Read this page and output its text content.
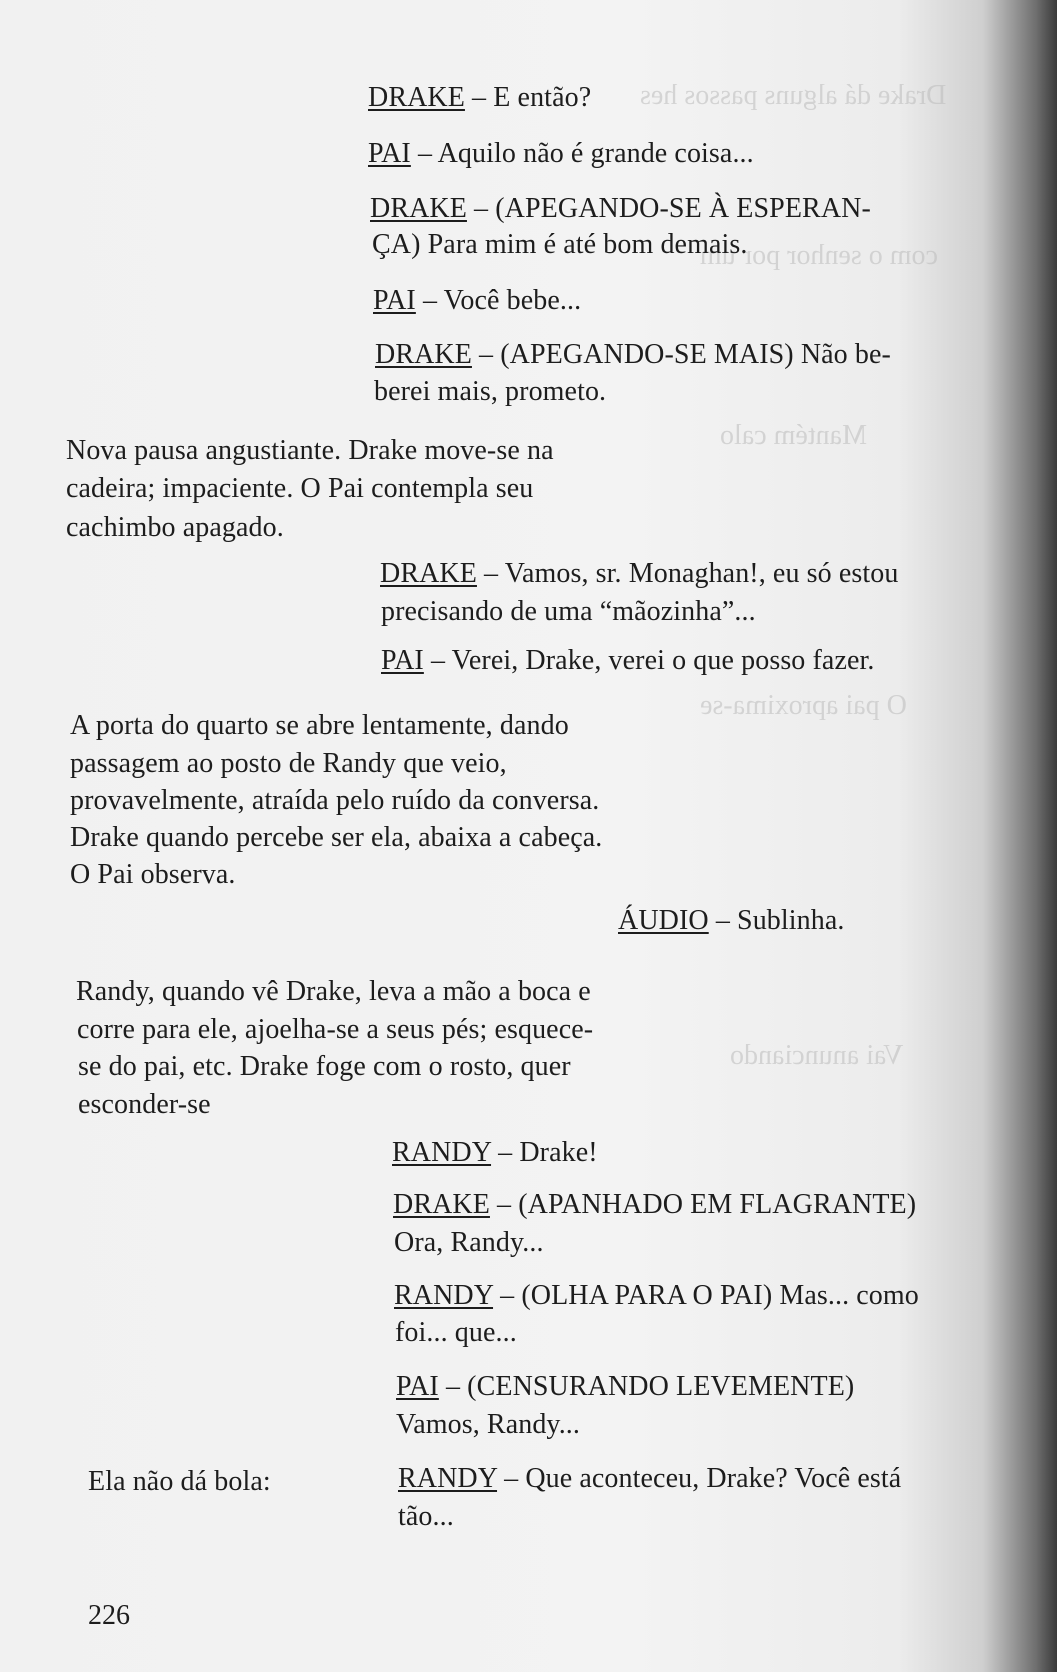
Drake dá alguns passos hes
com o senhor por um
Mantém calo
O pai aproxima-se
Vai anunciando
DRAKE – E então?
PAI – Aquilo não é grande coisa...
DRAKE – (APEGANDO-SE À ESPERAN-
ÇA) Para mim é até bom demais.
PAI – Você bebe...
DRAKE – (APEGANDO-SE MAIS) Não be-
berei mais, prometo.
Nova pausa angustiante. Drake move-se na
cadeira; impaciente. O Pai contempla seu
cachimbo apagado.
DRAKE – Vamos, sr. Monaghan!, eu só estou
precisando de uma “mãozinha”...
PAI – Verei, Drake, verei o que posso fazer.
A porta do quarto se abre lentamente, dando
passagem ao posto de Randy que veio,
provavelmente, atraída pelo ruído da conversa.
Drake quando percebe ser ela, abaixa a cabeça.
O Pai observa.
ÁUDIO – Sublinha.
Randy, quando vê Drake, leva a mão a boca e
corre para ele, ajoelha-se a seus pés; esquece-
se do pai, etc. Drake foge com o rosto, quer
esconder-se
RANDY – Drake!
DRAKE – (APANHADO EM FLAGRANTE)
Ora, Randy...
RANDY – (OLHA PARA O PAI) Mas... como
foi... que...
PAI – (CENSURANDO LEVEMENTE)
Vamos, Randy...
Ela não dá bola:	RANDY – Que aconteceu, Drake? Você está
tão...
226
